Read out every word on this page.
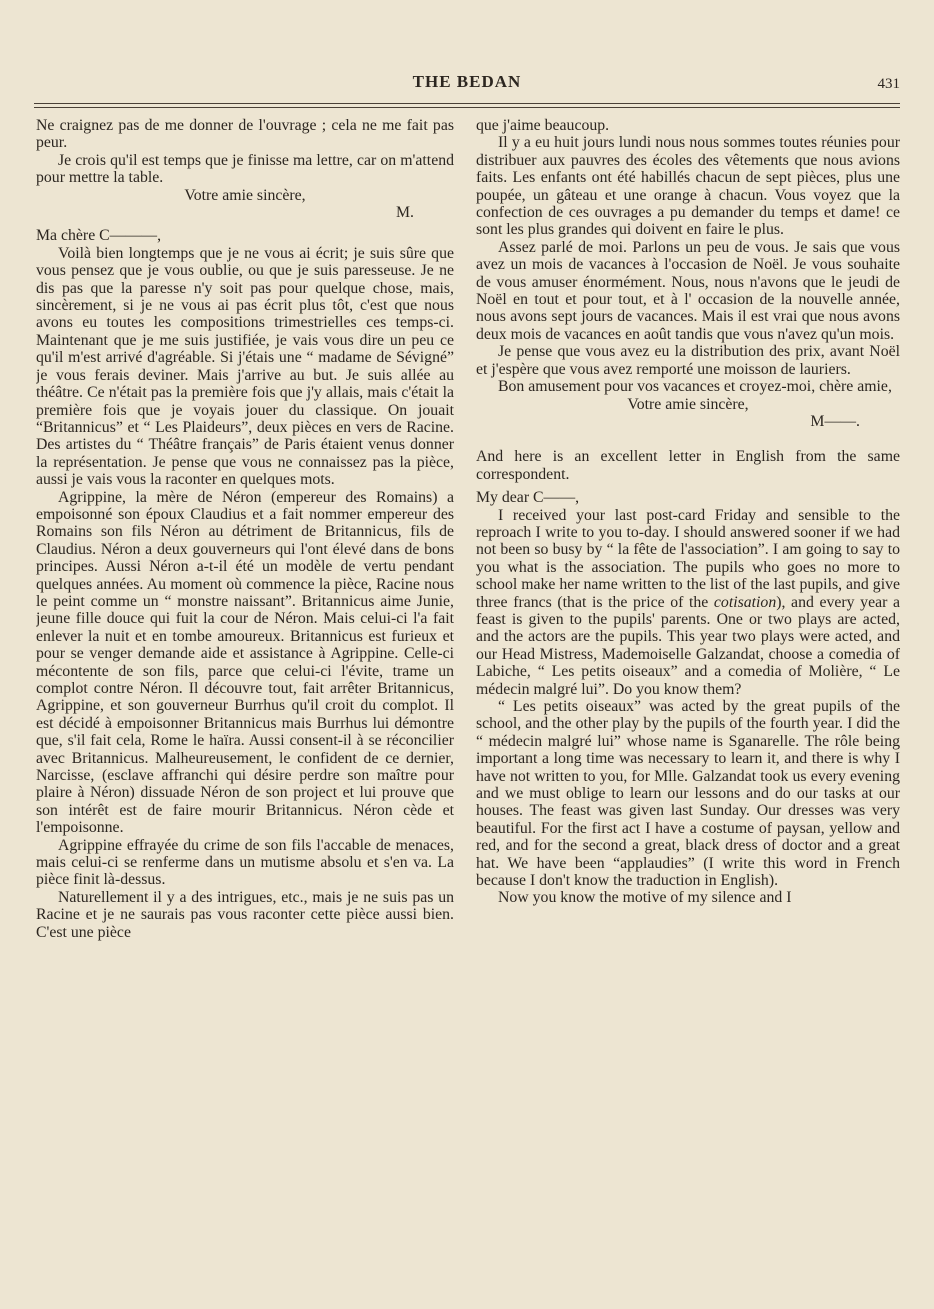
THE BEDAN	431

Ne craignez pas de me donner de l'ouvrage ; cela ne me fait pas peur.

Je crois qu'il est temps que je finisse ma lettre, car on m'attend pour mettre la table.

Votre amie sincère,

M.

Ma chère C———,

Voilà bien longtemps que je ne vous ai écrit; je suis sûre que vous pensez que je vous oublie, ou que je suis paresseuse. Je ne dis pas que la paresse n'y soit pas pour quelque chose, mais, sincèrement, si je ne vous ai pas écrit plus tôt, c'est que nous avons eu toutes les compositions trimestrielles ces temps-ci. Maintenant que je me suis justifiée, je vais vous dire un peu ce qu'il m'est arrivé d'agréable. Si j'étais une “ madame de Sévigné” je vous ferais deviner. Mais j'arrive au but. Je suis allée au théâtre. Ce n'était pas la première fois que j'y allais, mais c'était la première fois que je voyais jouer du classique. On jouait “Britannicus” et “ Les Plaideurs”, deux pièces en vers de Racine. Des artistes du “ Théâtre français” de Paris étaient venus donner la représentation. Je pense que vous ne connaissez pas la pièce, aussi je vais vous la raconter en quelques mots.

Agrippine, la mère de Néron (empereur des Romains) a empoisonné son époux Claudius et a fait nommer empereur des Romains son fils Néron au détriment de Britannicus, fils de Claudius. Néron a deux gouverneurs qui l'ont élevé dans de bons principes. Aussi Néron a-t-il été un modèle de vertu pendant quelques années. Au moment où commence la pièce, Racine nous le peint comme un “ monstre naissant”. Britannicus aime Junie, jeune fille douce qui fuit la cour de Néron. Mais celui-ci l'a fait enlever la nuit et en tombe amoureux. Britannicus est furieux et pour se venger demande aide et assistance à Agrippine. Celle-ci mécontente de son fils, parce que celui-ci l'évite, trame un complot contre Néron. Il découvre tout, fait arrêter Britannicus, Agrippine, et son gouverneur Burrhus qu'il croit du complot. Il est décidé à empoisonner Britannicus mais Burrhus lui démontre que, s'il fait cela, Rome le haïra. Aussi consent-il à se réconcilier avec Britannicus. Malheureusement, le confident de ce dernier, Narcisse, (esclave affranchi qui désire perdre son maître pour plaire à Néron) dissuade Néron de son project et lui prouve que son intérêt est de faire mourir Britannicus. Néron cède et l'empoisonne.

Agrippine effrayée du crime de son fils l'accable de menaces, mais celui-ci se renferme dans un mutisme absolu et s'en va. La pièce finit là-dessus.

Naturellement il y a des intrigues, etc., mais je ne suis pas un Racine et je ne saurais pas vous raconter cette pièce aussi bien. C'est une pièce

que j'aime beaucoup.

Il y a eu huit jours lundi nous nous sommes toutes réunies pour distribuer aux pauvres des écoles des vêtements que nous avions faits. Les enfants ont été habillés chacun de sept pièces, plus une poupée, un gâteau et une orange à chacun. Vous voyez que la confection de ces ouvrages a pu demander du temps et dame! ce sont les plus grandes qui doivent en faire le plus.

Assez parlé de moi. Parlons un peu de vous. Je sais que vous avez un mois de vacances à l'occasion de Noël. Je vous souhaite de vous amuser énormément. Nous, nous n'avons que le jeudi de Noël en tout et pour tout, et à l' occasion de la nouvelle année, nous avons sept jours de vacances. Mais il est vrai que nous avons deux mois de vacances en août tandis que vous n'avez qu'un mois.

Je pense que vous avez eu la distribution des prix, avant Noël et j'espère que vous avez remporté une moisson de lauriers.

Bon amusement pour vos vacances et croyez-moi, chère amie,

Votre amie sincère,

M——.

And here is an excellent letter in English from the same correspondent.

My dear C——,

I received your last post-card Friday and sensible to the reproach I write to you to-day. I should answered sooner if we had not been so busy by “ la fête de l'association”. I am going to say to you what is the association. The pupils who goes no more to school make her name written to the list of the last pupils, and give three francs (that is the price of the cotisation), and every year a feast is given to the pupils' parents. One or two plays are acted, and the actors are the pupils. This year two plays were acted, and our Head Mistress, Mademoiselle Galzandat, choose a comedia of Labiche, “ Les petits oiseaux” and a comedia of Molière, “ Le médecin malgré lui”. Do you know them?

“ Les petits oiseaux” was acted by the great pupils of the school, and the other play by the pupils of the fourth year. I did the “ médecin malgré lui” whose name is Sganarelle. The rôle being important a long time was necessary to learn it, and there is why I have not written to you, for Mlle. Galzandat took us every evening and we must oblige to learn our lessons and do our tasks at our houses. The feast was given last Sunday. Our dresses was very beautiful. For the first act I have a costume of paysan, yellow and red, and for the second a great, black dress of doctor and a great hat. We have been “applaudies” (I write this word in French because I don't know the traduction in English).

Now you know the motive of my silence and I
